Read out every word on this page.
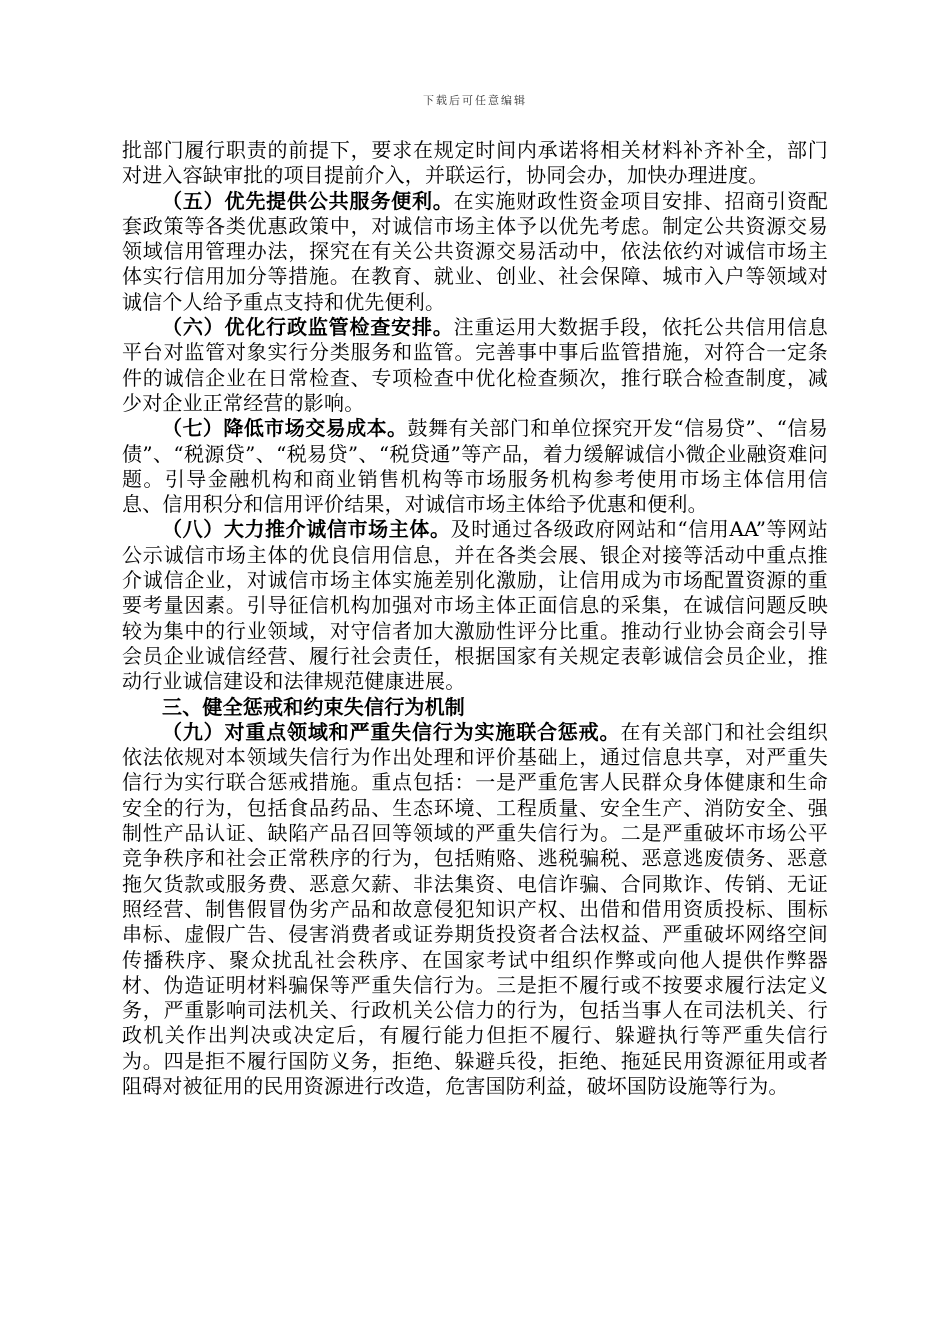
下载后可任意编辑

批部门履行职责的前提下，要求在规定时间内承诺将相关材料补齐补全，部门对进入容缺审批的项目提前介入，并联运行，协同会办，加快办理进度。

（五）优先提供公共服务便利。在实施财政性资金项目安排、招商引资配套政策等各类优惠政策中，对诚信市场主体予以优先考虑。制定公共资源交易领域信用管理办法，探究在有关公共资源交易活动中，依法依约对诚信市场主体实行信用加分等措施。在教育、就业、创业、社会保障、城市入户等领域对诚信个人给予重点支持和优先便利。

（六）优化行政监管检查安排。注重运用大数据手段，依托公共信用信息平台对监管对象实行分类服务和监管。完善事中事后监管措施，对符合一定条件的诚信企业在日常检查、专项检查中优化检查频次，推行联合检查制度，减少对企业正常经营的影响。

（七）降低市场交易成本。鼓舞有关部门和单位探究开发“信易贷”、“信易债”、“税源贷”、“税易贷”、“税贷通”等产品，着力缓解诚信小微企业融资难问题。引导金融机构和商业销售机构等市场服务机构参考使用市场主体信用信息、信用积分和信用评价结果，对诚信市场主体给予优惠和便利。

（八）大力推介诚信市场主体。及时通过各级政府网站和“信用AA”等网站公示诚信市场主体的优良信用信息，并在各类会展、银企对接等活动中重点推介诚信企业，对诚信市场主体实施差别化激励，让信用成为市场配置资源的重要考量因素。引导征信机构加强对市场主体正面信息的采集，在诚信问题反映较为集中的行业领域，对守信者加大激励性评分比重。推动行业协会商会引导会员企业诚信经营、履行社会责任，根据国家有关规定表彰诚信会员企业，推动行业诚信建设和法律规范健康进展。

三、健全惩戒和约束失信行为机制

（九）对重点领域和严重失信行为实施联合惩戒。在有关部门和社会组织依法依规对本领域失信行为作出处理和评价基础上，通过信息共享，对严重失信行为实行联合惩戒措施。重点包括：一是严重危害人民群众身体健康和生命安全的行为，包括食品药品、生态环境、工程质量、安全生产、消防安全、强制性产品认证、缺陷产品召回等领域的严重失信行为。二是严重破坏市场公平竞争秩序和社会正常秩序的行为，包括贿赂、逃税骗税、恶意逃废债务、恶意拖欠货款或服务费、恶意欠薪、非法集资、电信诈骗、合同欺诈、传销、无证照经营、制售假冒伪劣产品和故意侵犯知识产权、出借和借用资质投标、围标串标、虚假广告、侵害消费者或证券期货投资者合法权益、严重破坏网络空间传播秩序、聚众扰乱社会秩序、在国家考试中组织作弊或向他人提供作弊器材、伪造证明材料骗保等严重失信行为。三是拒不履行或不按要求履行法定义务，严重影响司法机关、行政机关公信力的行为，包括当事人在司法机关、行政机关作出判决或决定后，有履行能力但拒不履行、躲避执行等严重失信行为。四是拒不履行国防义务，拒绝、躲避兵役，拒绝、拖延民用资源征用或者阻碍对被征用的民用资源进行改造，危害国防利益，破坏国防设施等行为。
